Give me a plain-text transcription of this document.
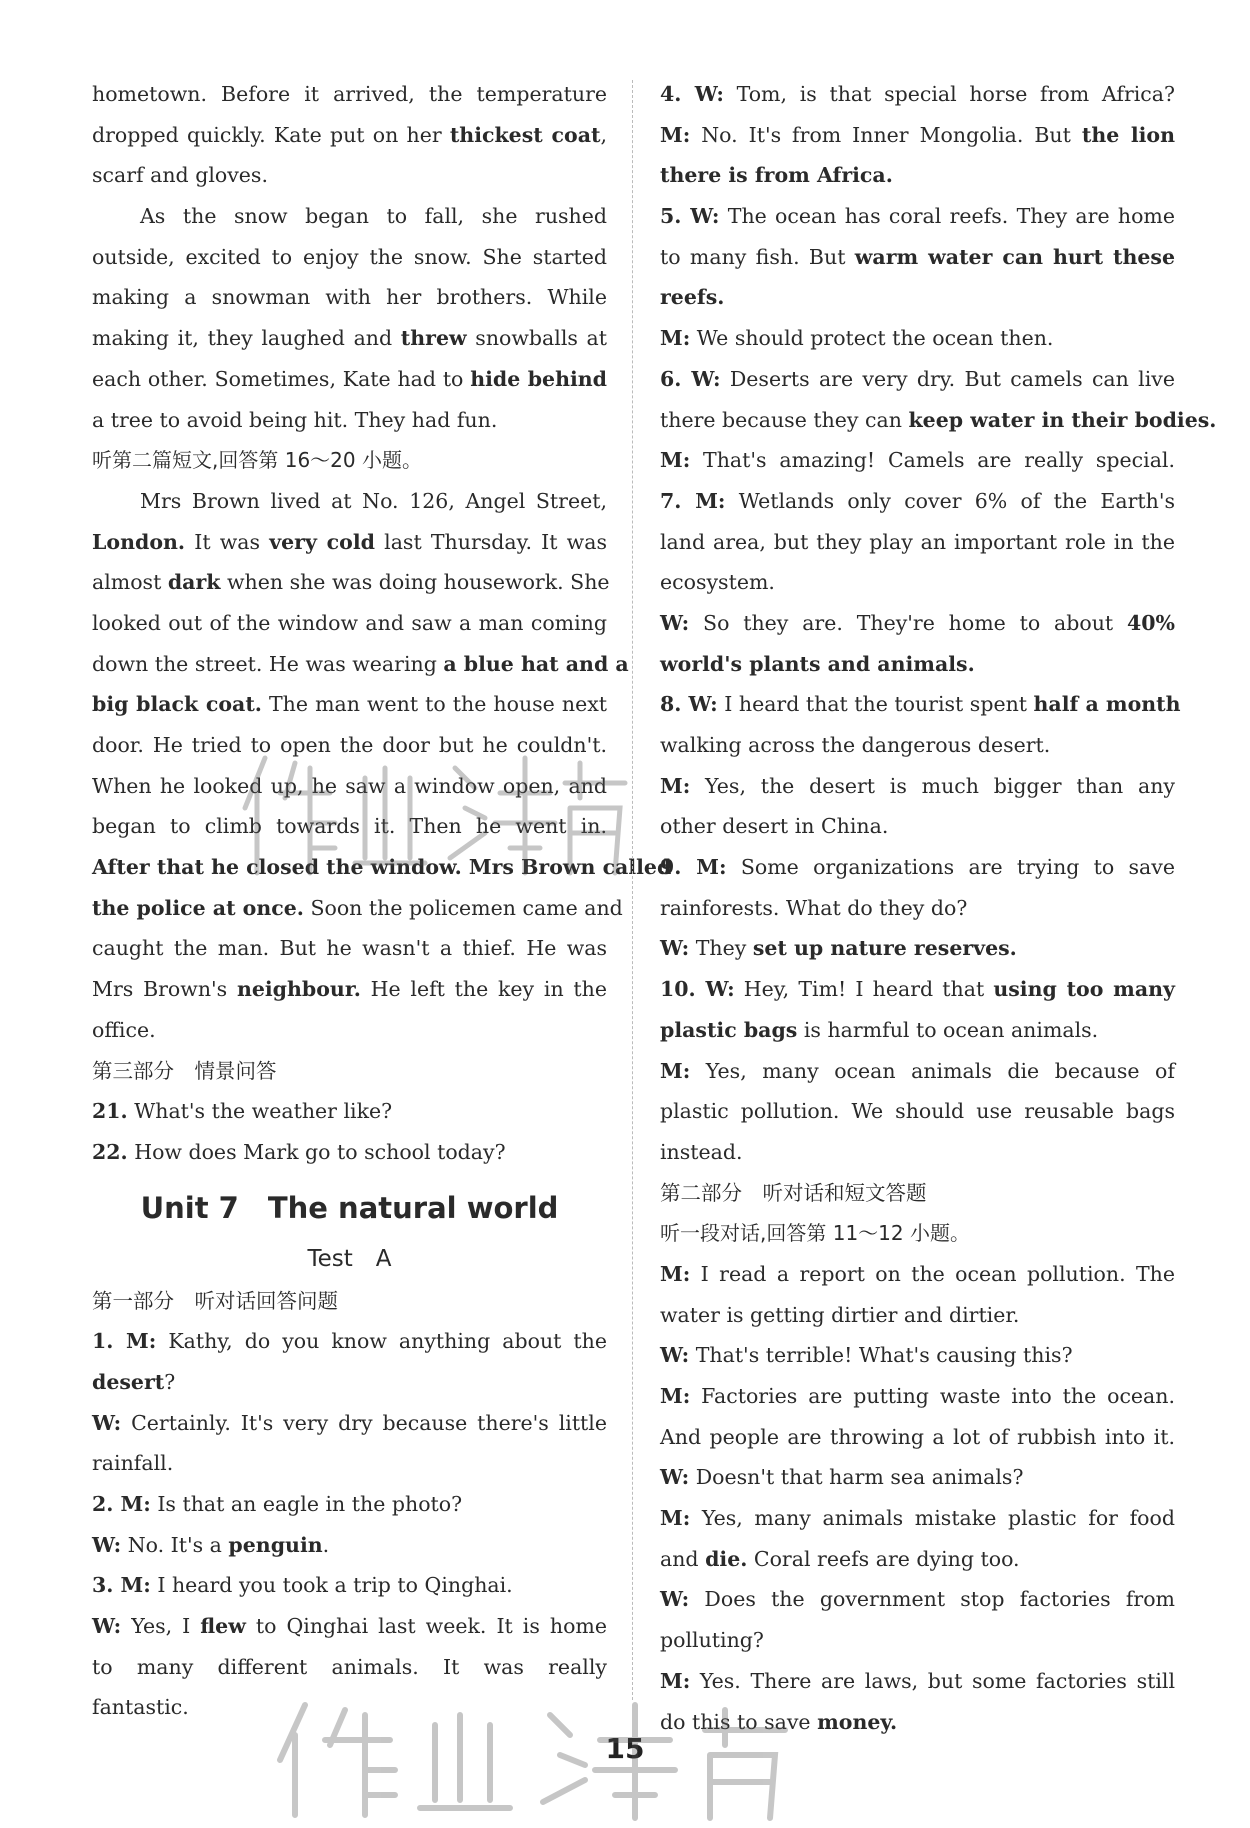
hometown. Before it arrived, the temperature
dropped quickly. Kate put on her thickest coat,
scarf and gloves.
As the snow began to fall, she rushed
outside, excited to enjoy the snow. She started
making a snowman with her brothers. While
making it, they laughed and threw snowballs at
each other. Sometimes, Kate had to hide behind
a tree to avoid being hit. They had fun.
听第二篇短文,回答第 16～20 小题。
Mrs Brown lived at No. 126, Angel Street,
London. It was very cold last Thursday. It was
almost dark when she was doing housework. She
looked out of the window and saw a man coming
down the street. He was wearing a blue hat and a
big black coat. The man went to the house next
door. He tried to open the door but he couldn't.
When he looked up, he saw a window open, and
began to climb towards it. Then he went in.
After that he closed the window. Mrs Brown called
the police at once. Soon the policemen came and
caught the man. But he wasn't a thief. He was
Mrs Brown's neighbour. He left the key in the
office.
第三部分　情景问答
21. What's the weather like?
22. How does Mark go to school today?
Unit 7　The natural world
Test　A
第一部分　听对话回答问题
1. M: Kathy, do you know anything about the
desert?
W: Certainly. It's very dry because there's little
rainfall.
2. M: Is that an eagle in the photo?
W: No. It's a penguin.
3. M: I heard you took a trip to Qinghai.
W: Yes, I flew to Qinghai last week. It is home
to many different animals. It was really
fantastic.
4. W: Tom, is that special horse from Africa?
M: No. It's from Inner Mongolia. But the lion
there is from Africa.
5. W: The ocean has coral reefs. They are home
to many fish. But warm water can hurt these
reefs.
M: We should protect the ocean then.
6. W: Deserts are very dry. But camels can live
there because they can keep water in their bodies.
M: That's amazing! Camels are really special.
7. M: Wetlands only cover 6% of the Earth's
land area, but they play an important role in the
ecosystem.
W: So they are. They're home to about 40%
world's plants and animals.
8. W: I heard that the tourist spent half a month
walking across the dangerous desert.
M: Yes, the desert is much bigger than any
other desert in China.
9. M: Some organizations are trying to save
rainforests. What do they do?
W: They set up nature reserves.
10. W: Hey, Tim! I heard that using too many
plastic bags is harmful to ocean animals.
M: Yes, many ocean animals die because of
plastic pollution. We should use reusable bags
instead.
第二部分　听对话和短文答题
听一段对话,回答第 11～12 小题。
M: I read a report on the ocean pollution. The
water is getting dirtier and dirtier.
W: That's terrible! What's causing this?
M: Factories are putting waste into the ocean.
And people are throwing a lot of rubbish into it.
W: Doesn't that harm sea animals?
M: Yes, many animals mistake plastic for food
and die. Coral reefs are dying too.
W: Does the government stop factories from
polluting?
M: Yes. There are laws, but some factories still
do this to save money.
15
